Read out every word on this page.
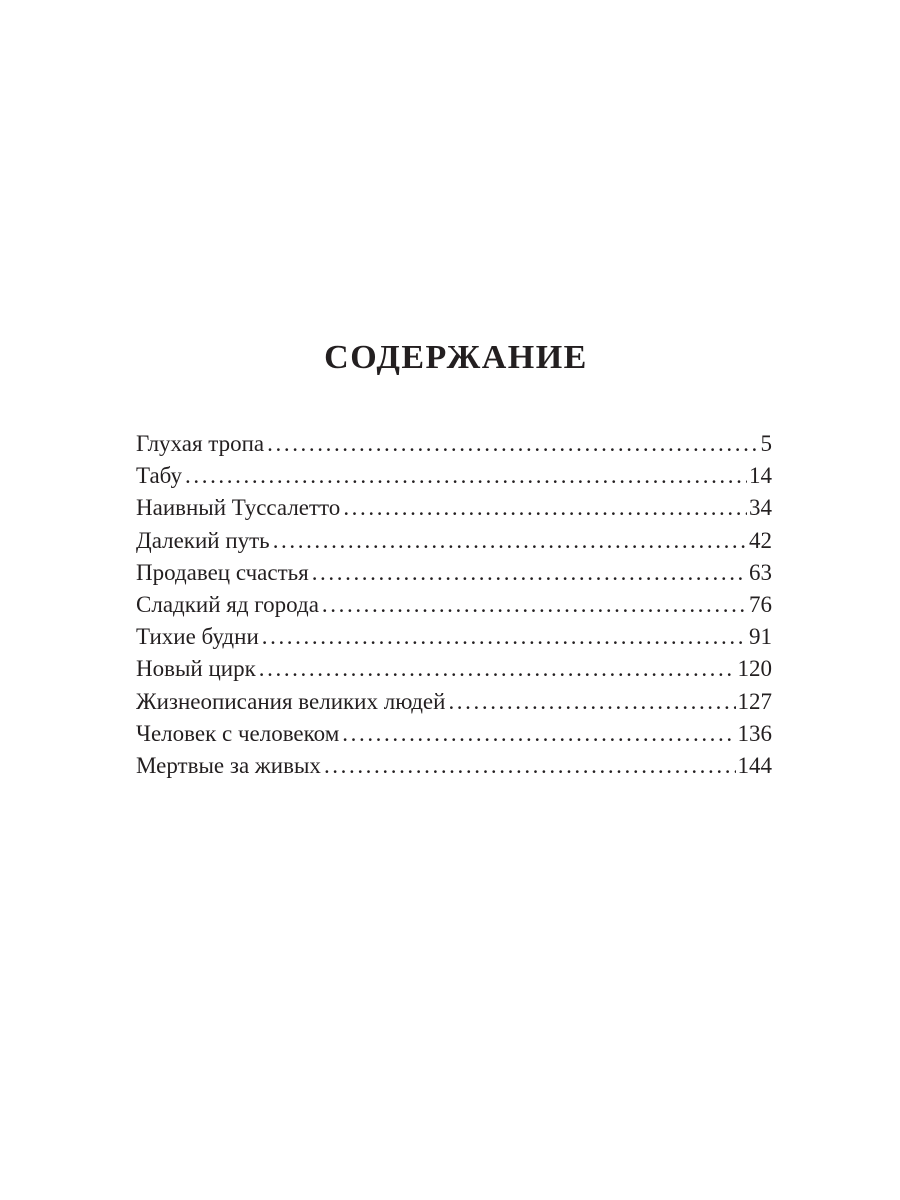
СОДЕРЖАНИЕ
Глухая тропа .....	5
Табу .....	14
Наивный Туссалетто .....	34
Далекий путь .....	42
Продавец счастья .....	63
Сладкий яд города .....	76
Тихие будни .....	91
Новый цирк .....	120
Жизнеописания великих людей .....	127
Человек с человеком .....	136
Мертвые за живых .....	144
